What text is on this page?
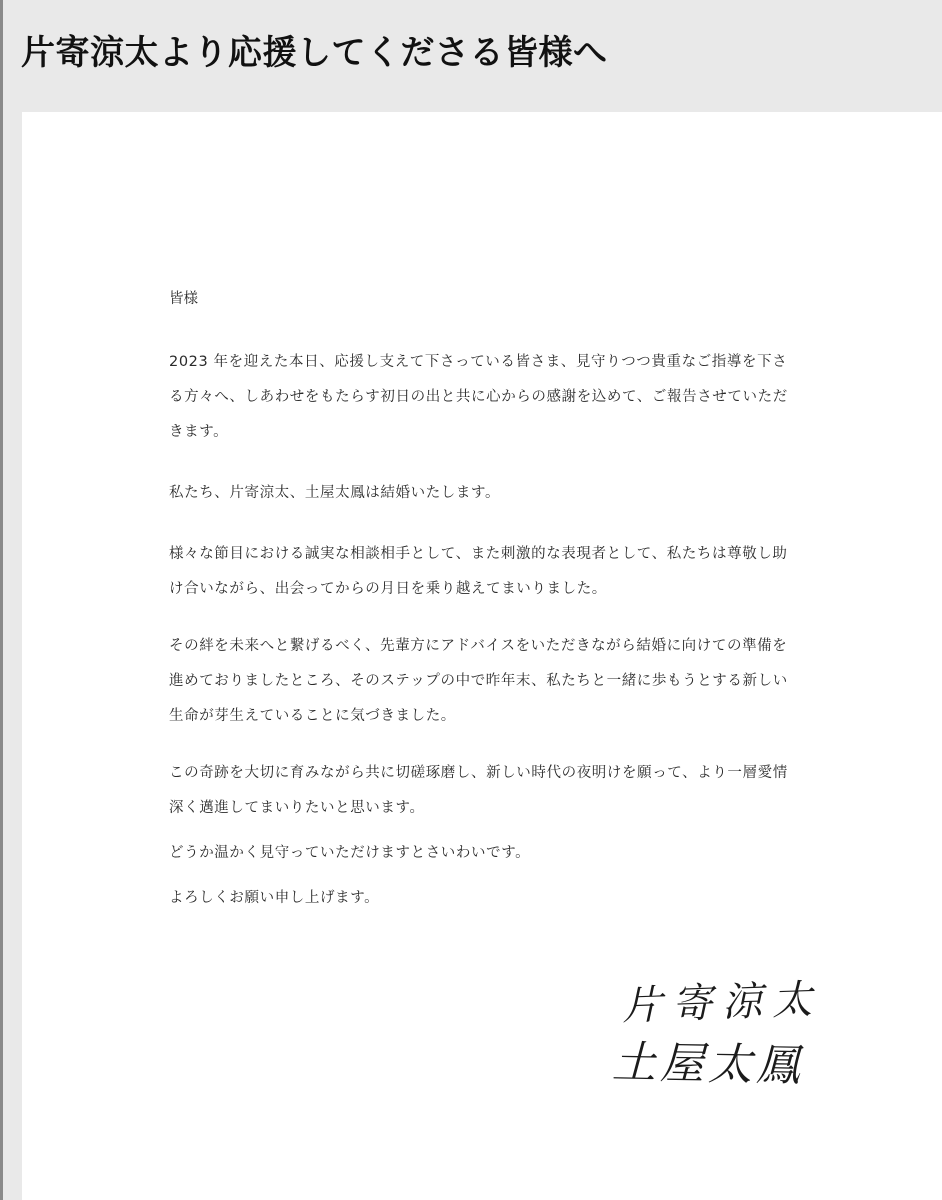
片寄涼太より応援してくださる皆様へ

皆様

2023 年を迎えた本日、応援し支えて下さっている皆さま、見守りつつ貴重なご指導を下さる方々へ、しあわせをもたらす初日の出と共に心からの感謝を込めて、ご報告させていただきます。

私たち、片寄涼太、土屋太鳳は結婚いたします。

様々な節目における誠実な相談相手として、また刺激的な表現者として、私たちは尊敬し助け合いながら、出会ってからの月日を乗り越えてまいりました。

その絆を未来へと繋げるべく、先輩方にアドバイスをいただきながら結婚に向けての準備を進めておりましたところ、そのステップの中で昨年末、私たちと一緒に歩もうとする新しい生命が芽生えていることに気づきました。

この奇跡を大切に育みながら共に切磋琢磨し、新しい時代の夜明けを願って、より一層愛情深く邁進してまいりたいと思います。

どうか温かく見守っていただけますとさいわいです。

よろしくお願い申し上げます。

片寄涼太

土屋太鳳
